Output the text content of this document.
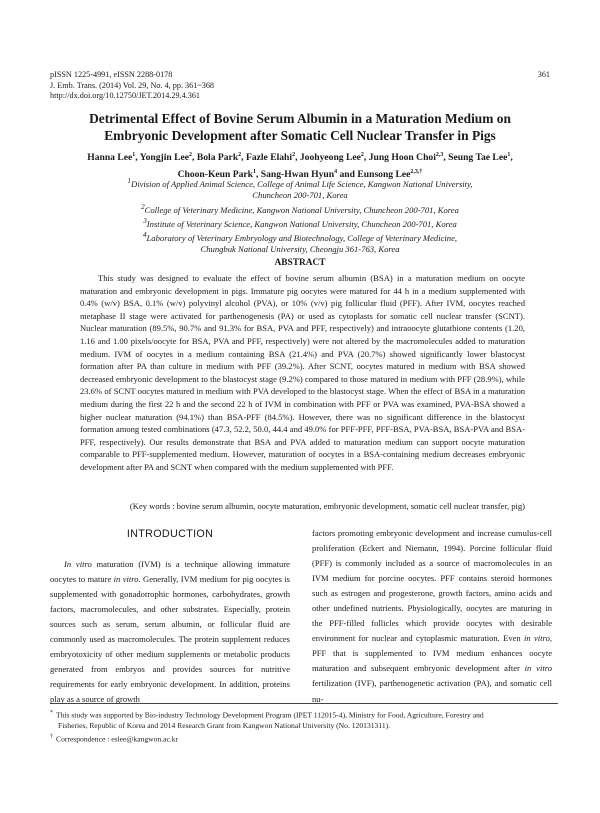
pISSN 1225-4991, eISSN 2288-0178
J. Emb. Trans. (2014) Vol. 29, No. 4, pp. 361~368
http://dx.doi.org/10.12750/JET.2014.29.4.361
361
Detrimental Effect of Bovine Serum Albumin in a Maturation Medium on
Embryonic Development after Somatic Cell Nuclear Transfer in Pigs
Hanna Lee$^1$, Yongjin Lee$^2$, Bola Park$^2$, Fazle Elahi$^2$, Joohyeong Lee$^2$, Jung Hoon Choi$^{2,3}$, Seung Tae Lee$^1$,
Choon-Keun Park$^1$, Sang-Hwan Hyun$^4$ and Eunsong Lee$^{2,3,\dagger}$
$^1$Division of Applied Animal Science, College of Animal Life Science, Kangwon National University,
Chuncheon 200-701, Korea
$^2$College of Veterinary Medicine, Kangwon National University, Chuncheon 200-701, Korea
$^3$Institute of Veterinary Science, Kangwon National University, Chuncheon 200-701, Korea
$^4$Laboratory of Veterinary Embryology and Biotechnology, College of Veterinary Medicine,
Chungbuk National University, Cheongju 361-763, Korea
ABSTRACT

This study was designed to evaluate the effect of bovine serum albumin (BSA) in a maturation medium on oocyte maturation and embryonic development in pigs. Immature pig oocytes were matured for 44 h in a medium supplemented with 0.4% (w/v) BSA, 0.1% (w/v) polyvinyl alcohol (PVA), or 10% (v/v) pig follicular fluid (PFF). After IVM, oocytes reached metaphase II stage were activated for parthenogenesis (PA) or used as cytoplasts for somatic cell nuclear transfer (SCNT). Nuclear maturation (89.5%, 90.7% and 91.3% for BSA, PVA and PFF, respectively) and intraoocyte glutathione contents (1.20, 1.16 and 1.00 pixels/oocyte for BSA, PVA and PFF, respectively) were not altered by the macromolecules added to maturation medium. IVM of oocytes in a medium containing BSA (21.4%) and PVA (20.7%) showed significantly lower blastocyst formation after PA than culture in medium with PFF (39.2%). After SCNT, oocytes matured in medium with BSA showed decreased embryonic development to the blastocyst stage (9.2%) compared to those matured in medium with PFF (28.9%), while 23.6% of SCNT oocytes matured in medium with PVA developed to the blastocyst stage. When the effect of BSA in a maturation medium during the first 22 h and the second 22 h of IVM in combination with PFF or PVA was examined, PVA-BSA showed a higher nuclear maturation (94.1%) than BSA-PFF (84.5%). However, there was no significant difference in the blastocyst formation among tested combinations (47.3, 52.2, 50.0, 44.4 and 49.0% for PFF-PFF, PFF-BSA, PVA-BSA, BSA-PVA and BSA-PFF, respectively). Our results demonstrate that BSA and PVA added to maturation medium can support oocyte maturation comparable to PFF-supplemented medium. However, maturation of oocytes in a BSA-containing medium decreases embryonic development after PA and SCNT when compared with the medium supplemented with PFF.

(Key words : bovine serum albumin, oocyte maturation, embryonic development, somatic cell nuclear transfer, pig)
INTRODUCTION

In vitro maturation (IVM) is a technique allowing immature oocytes to mature in vitro. Generally, IVM medium for pig oocytes is supplemented with gonadotrophic hormones, carbohydrates, growth factors, macromolecules, and other substrates. Especially, protein sources such as serum, serum albumin, or follicular fluid are commonly used as macromolecules. The protein supplement reduces embryotoxicity of other medium supplements or metabolic products generated from embryos and provides sources for nutritive requirements for early embryonic development. In addition, proteins play as a source of growth

factors promoting embryonic development and increase cumulus-cell proliferation (Eckert and Niemann, 1994). Porcine follicular fluid (PFF) is commonly included as a source of macromolecules in an IVM medium for porcine oocytes. PFF contains steroid hormones such as estrogen and progesterone, growth factors, amino acids and other undefined nutrients. Physiologically, oocytes are maturing in the PFF-filled follicles which provide oocytes with desirable environment for nuclear and cytoplasmic maturation. Even in vitro, PFF that is supplemented to IVM medium enhances oocyte maturation and subsequent embryonic development after in vitro fertilization (IVF), parthenogenetic activation (PA), and somatic cell nu-

* This study was supported by Bio-industry Technology Development Program (IPET 112015-4), Ministry for Food, Agriculture, Forestry and
Fisheries, Republic of Korea and 2014 Research Grant from Kangwon National University (No. 120131311).
† Correspondence : eslee@kangwon.ac.kr
